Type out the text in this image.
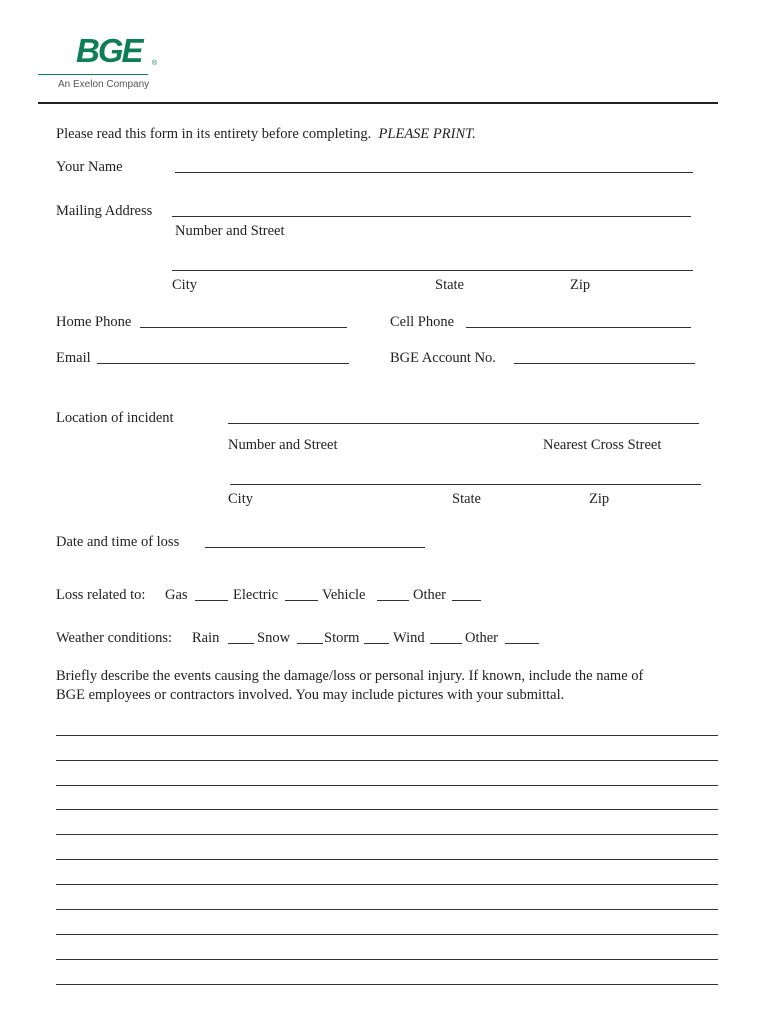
BGE ®
An Exelon Company
Please read this form in its entirety before completing. PLEASE PRINT.
Your Name
Mailing Address
Number and Street
City	State	Zip
Home Phone	Cell Phone
Email	BGE Account No.
Location of incident
Number and Street	Nearest Cross Street
City	State	Zip
Date and time of loss
Loss related to: Gas	Electric	Vehicle	Other
Weather conditions: Rain	Snow Storm Wind	Other
Briefly describe the events causing the damage/loss or personal injury. If known, include the name of
BGE employees or contractors involved. You may include pictures with your submittal.
